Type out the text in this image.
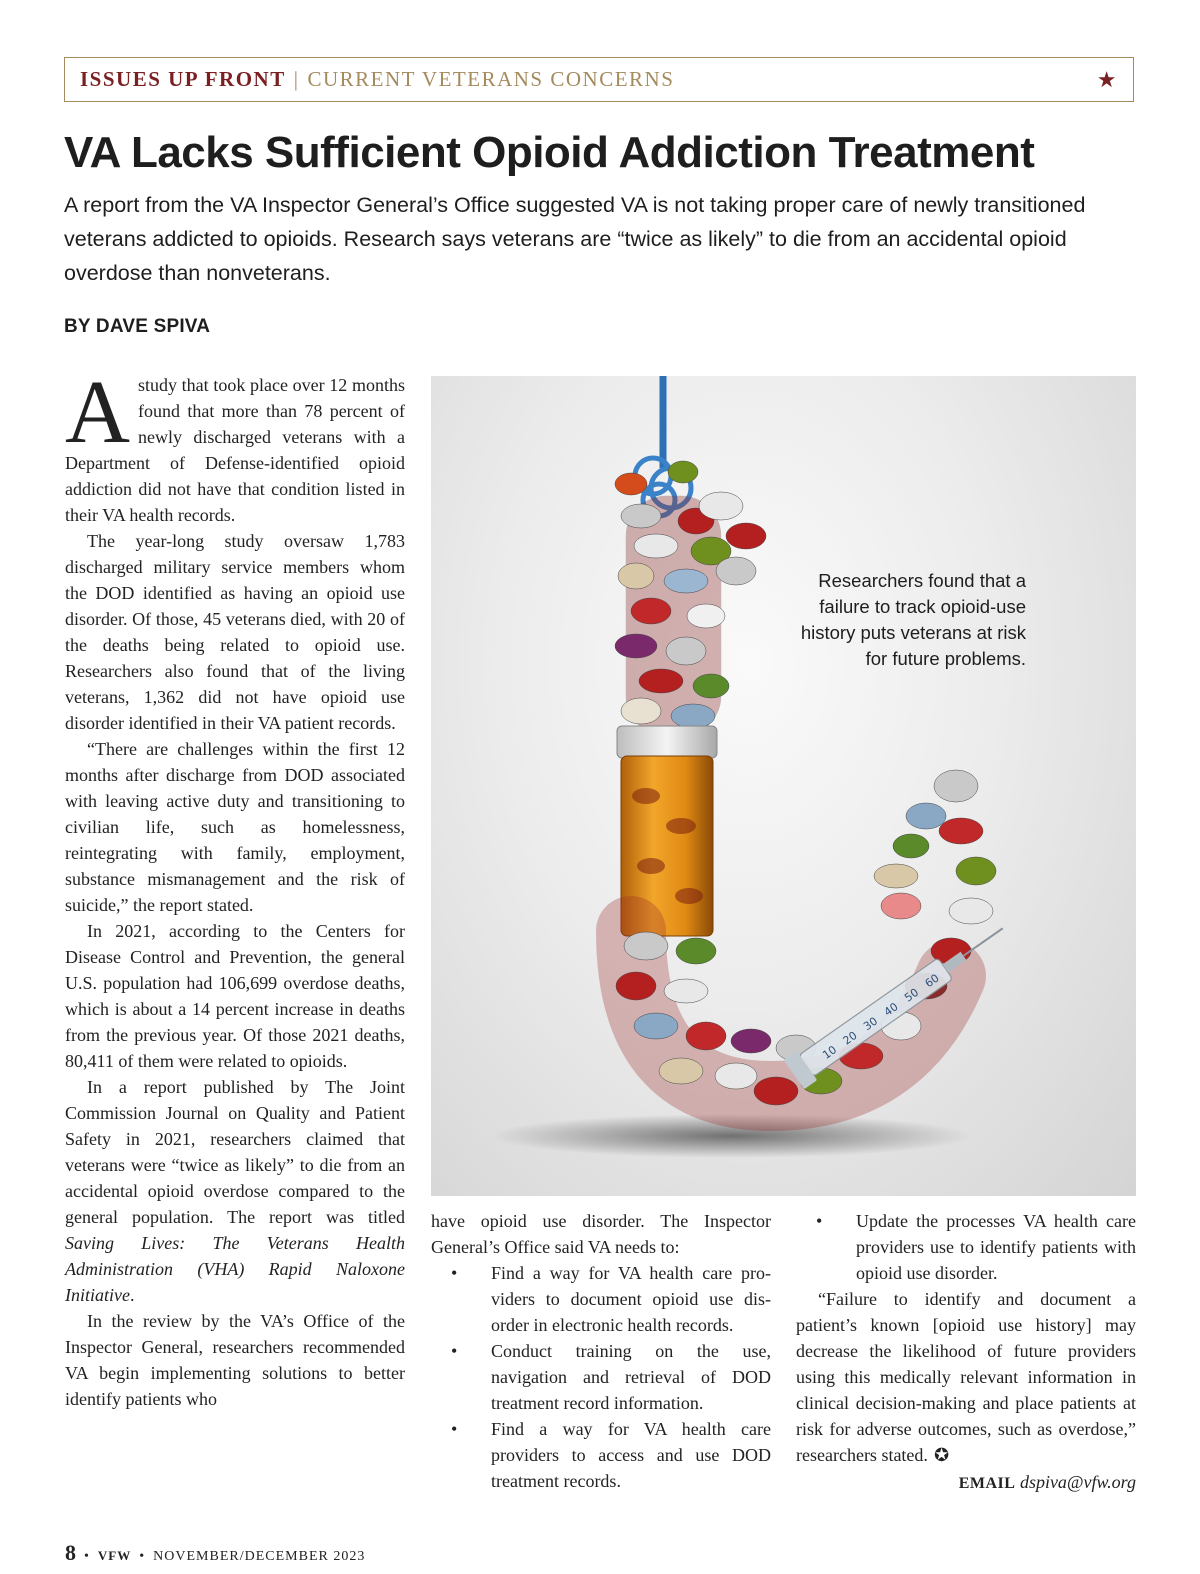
ISSUES UP FRONT | CURRENT VETERANS CONCERNS	★
VA Lacks Sufficient Opioid Addiction Treatment

A report from the VA Inspector General’s Office suggested VA is not taking proper care of newly transitioned veterans addicted to opioids. Research says veterans are “twice as likely” to die from an accidental opioid overdose than nonveterans.

BY DAVE SPIVA

A study that took place over 12 months found that more than 78 percent of newly discharged veterans with a Department of Defense-identified opioid addiction did not have that condition listed in their VA health records.

The year-long study oversaw 1,783 discharged military service members whom the DOD identified as having an opioid use disorder. Of those, 45 veterans died, with 20 of the deaths being related to opioid use. Researchers also found that of the living veterans, 1,362 did not have opioid use disorder identified in their VA patient records.

“There are challenges within the first 12 months after discharge from DOD associated with leaving active duty and transitioning to civilian life, such as homelessness, reintegrating with family, employment, substance mismanagement and the risk of suicide,” the report stated.

In 2021, according to the Centers for Disease Control and Prevention, the general U.S. population had 106,699 overdose deaths, which is about a 14 percent increase in deaths from the previous year. Of those 2021 deaths, 80,411 of them were related to opioids.

In a report published by The Joint Commission Journal on Quality and Patient Safety in 2021, researchers claimed that veterans were “twice as likely” to die from an accidental opioid overdose compared to the general population. The report was titled Saving Lives: The Veterans Health Administration (VHA) Rapid Naloxone Initiative.

In the review by the VA’s Office of the Inspector General, researchers recommended VA begin implementing solutions to better identify patients who

10
20
30
40
50
60

Researchers found that a failure to track opioid-use history puts veterans at risk for future problems.

have opioid use disorder. The Inspector General’s Office said VA needs to:

• Find a way for VA health care providers to document opioid use disorder in electronic health records.
• Conduct training on the use, navigation and retrieval of DOD treatment record information.
• Find a way for VA health care providers to access and use DOD treatment records.
• Update the processes VA health care providers use to identify patients with opioid use disorder.

“Failure to identify and document a patient’s known [opioid use history] may decrease the likelihood of future providers using this medically relevant information in clinical decision-making and place patients at risk for adverse outcomes, such as overdose,” researchers stated. ✪

EMAIL dspiva@vfw.org

8 • VFW • NOVEMBER/DECEMBER 2023
